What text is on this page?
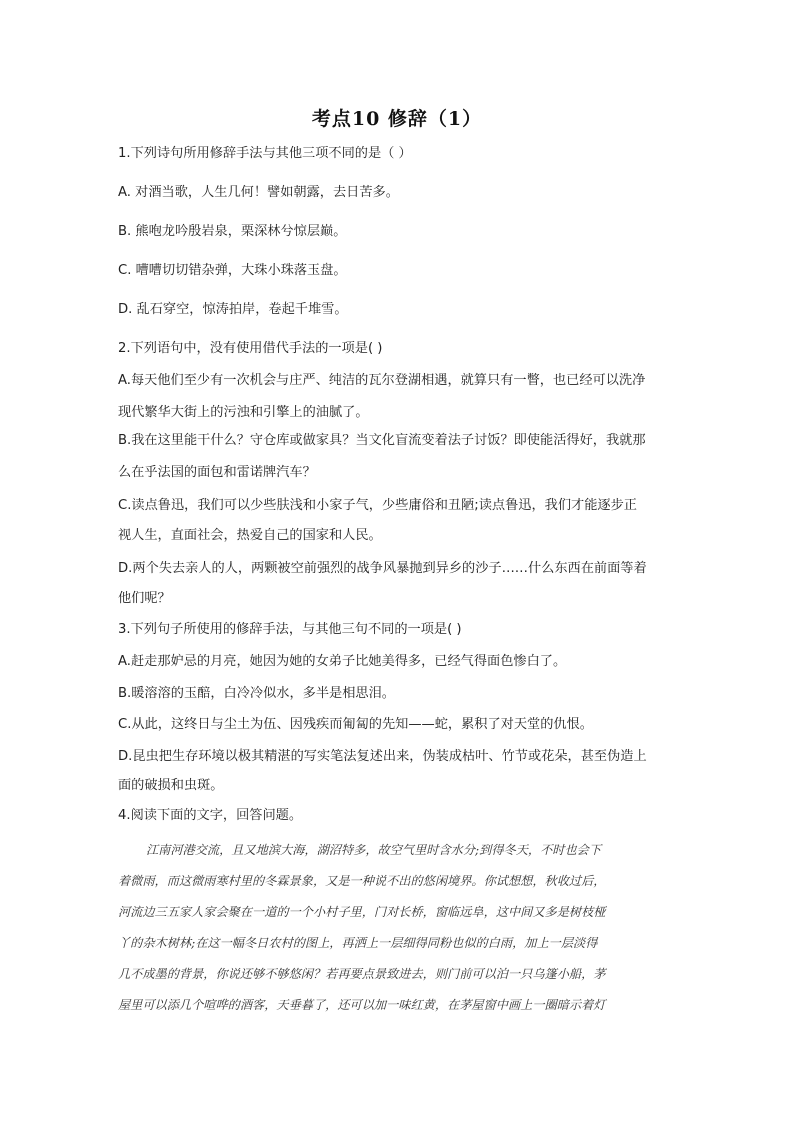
考点10 修辞（1）
1.下列诗句所用修辞手法与其他三项不同的是（ ）
A. 对酒当歌，人生几何！譬如朝露，去日苦多。
B. 熊咆龙吟殷岩泉，栗深林兮惊层巅。
C. 嘈嘈切切错杂弹，大珠小珠落玉盘。
D. 乱石穿空，惊涛拍岸，卷起千堆雪。
2.下列语句中，没有使用借代手法的一项是( )
A.每天他们至少有一次机会与庄严、纯洁的瓦尔登湖相遇，就算只有一瞥，也已经可以洗净
现代繁华大街上的污浊和引擎上的油腻了。
B.我在这里能干什么？守仓库或做家具？当文化盲流变着法子讨饭？即使能活得好，我就那
么在乎法国的面包和雷诺牌汽车？
C.读点鲁迅，我们可以少些肤浅和小家子气，少些庸俗和丑陋;读点鲁迅，我们才能逐步正
视人生，直面社会，热爱自己的国家和人民。
D.两个失去亲人的人，两颗被空前强烈的战争风暴抛到异乡的沙子……什么东西在前面等着
他们呢？
3.下列句子所使用的修辞手法，与其他三句不同的一项是( )
A.赶走那妒忌的月亮，她因为她的女弟子比她美得多，已经气得面色惨白了。
B.暖溶溶的玉醅，白冷冷似水，多半是相思泪。
C.从此，这终日与尘土为伍、因残疾而匍匐的先知——蛇，累积了对天堂的仇恨。
D.昆虫把生存环境以极其精湛的写实笔法复述出来，伪装成枯叶、竹节或花朵，甚至伪造上
面的破损和虫斑。
4.阅读下面的文字，回答问题。
江南河港交流，且又地滨大海，湖沼特多，故空气里时含水分;到得冬天，不时也会下
着微雨，而这微雨寒村里的冬霖景象，又是一种说不出的悠闲境界。你试想想，秋收过后，
河流边三五家人家会聚在一道的一个小村子里，门对长桥，窗临远阜，这中间又多是树枝桠
丫的杂木树林;在这一幅冬日农村的图上，再洒上一层细得同粉也似的白雨，加上一层淡得
几不成墨的背景，你说还够不够悠闲？若再要点景致进去，则门前可以泊一只乌篷小船，茅
屋里可以添几个喧哗的酒客，天垂暮了，还可以加一味红黄，在茅屋窗中画上一圈暗示着灯
